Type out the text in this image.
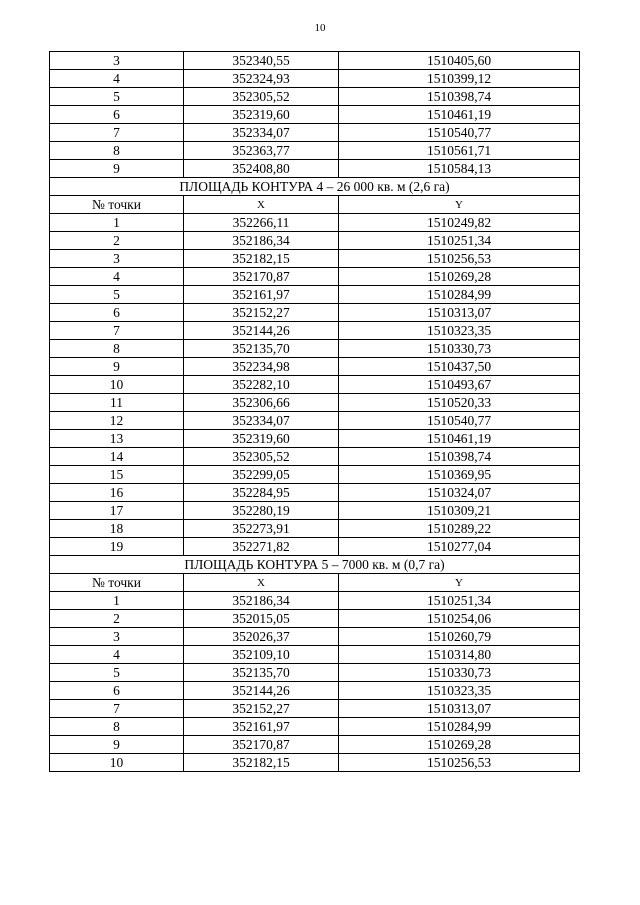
10
3	352340,55	1510405,60
4	352324,93	1510399,12
5	352305,52	1510398,74
6	352319,60	1510461,19
7	352334,07	1510540,77
8	352363,77	1510561,71
9	352408,80	1510584,13
ПЛОЩАДЬ КОНТУРА 4 – 26 000 кв. м (2,6 га)		
№ точки	X	Y
1	352266,11	1510249,82
2	352186,34	1510251,34
3	352182,15	1510256,53
4	352170,87	1510269,28
5	352161,97	1510284,99
6	352152,27	1510313,07
7	352144,26	1510323,35
8	352135,70	1510330,73
9	352234,98	1510437,50
10	352282,10	1510493,67
11	352306,66	1510520,33
12	352334,07	1510540,77
13	352319,60	1510461,19
14	352305,52	1510398,74
15	352299,05	1510369,95
16	352284,95	1510324,07
17	352280,19	1510309,21
18	352273,91	1510289,22
19	352271,82	1510277,04
ПЛОЩАДЬ КОНТУРА 5 – 7000 кв. м (0,7 га)		
№ точки	X	Y
1	352186,34	1510251,34
2	352015,05	1510254,06
3	352026,37	1510260,79
4	352109,10	1510314,80
5	352135,70	1510330,73
6	352144,26	1510323,35
7	352152,27	1510313,07
8	352161,97	1510284,99
9	352170,87	1510269,28
10	352182,15	1510256,53
